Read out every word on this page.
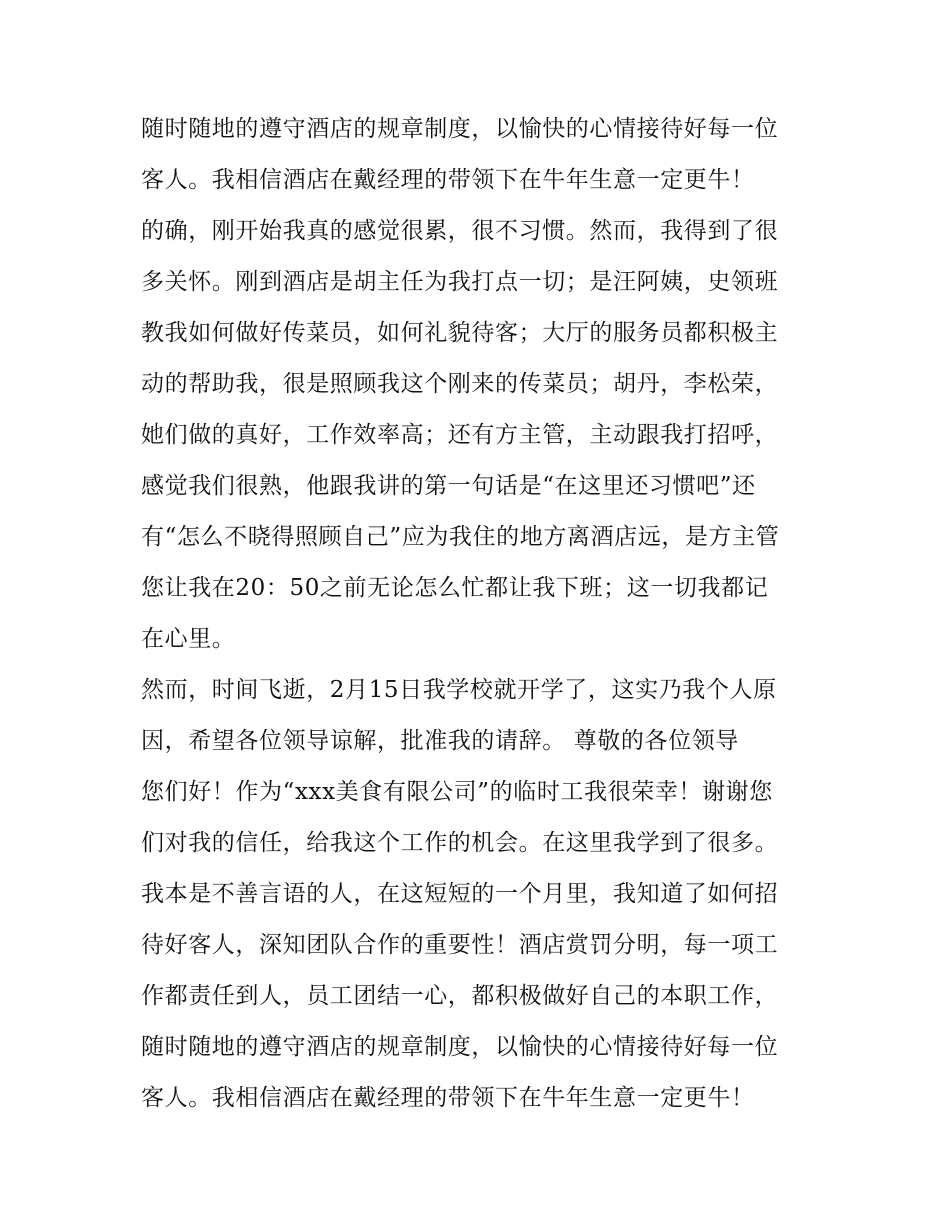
随时随地的遵守酒店的规章制度，以愉快的心情接待好每一位
客人。我相信酒店在戴经理的带领下在牛年生意一定更牛！
的确，刚开始我真的感觉很累，很不习惯。然而，我得到了很
多关怀。刚到酒店是胡主任为我打点一切；是汪阿姨，史领班
教我如何做好传菜员，如何礼貌待客；大厅的服务员都积极主
动的帮助我，很是照顾我这个刚来的传菜员；胡丹，李松荣，
她们做的真好，工作效率高；还有方主管，主动跟我打招呼，
感觉我们很熟，他跟我讲的第一句话是“在这里还习惯吧”还
有“怎么不晓得照顾自己”应为我住的地方离酒店远，是方主管
您让我在20：50之前无论怎么忙都让我下班；这一切我都记
在心里。
然而，时间飞逝，2月15日我学校就开学了，这实乃我个人原
因，希望各位领导谅解，批准我的请辞。 尊敬的各位领导
您们好！作为“xxx美食有限公司”的临时工我很荣幸！谢谢您
们对我的信任，给我这个工作的机会。在这里我学到了很多。
我本是不善言语的人，在这短短的一个月里，我知道了如何招
待好客人，深知团队合作的重要性！酒店赏罚分明，每一项工
作都责任到人，员工团结一心，都积极做好自己的本职工作，
随时随地的遵守酒店的规章制度，以愉快的心情接待好每一位
客人。我相信酒店在戴经理的带领下在牛年生意一定更牛！
